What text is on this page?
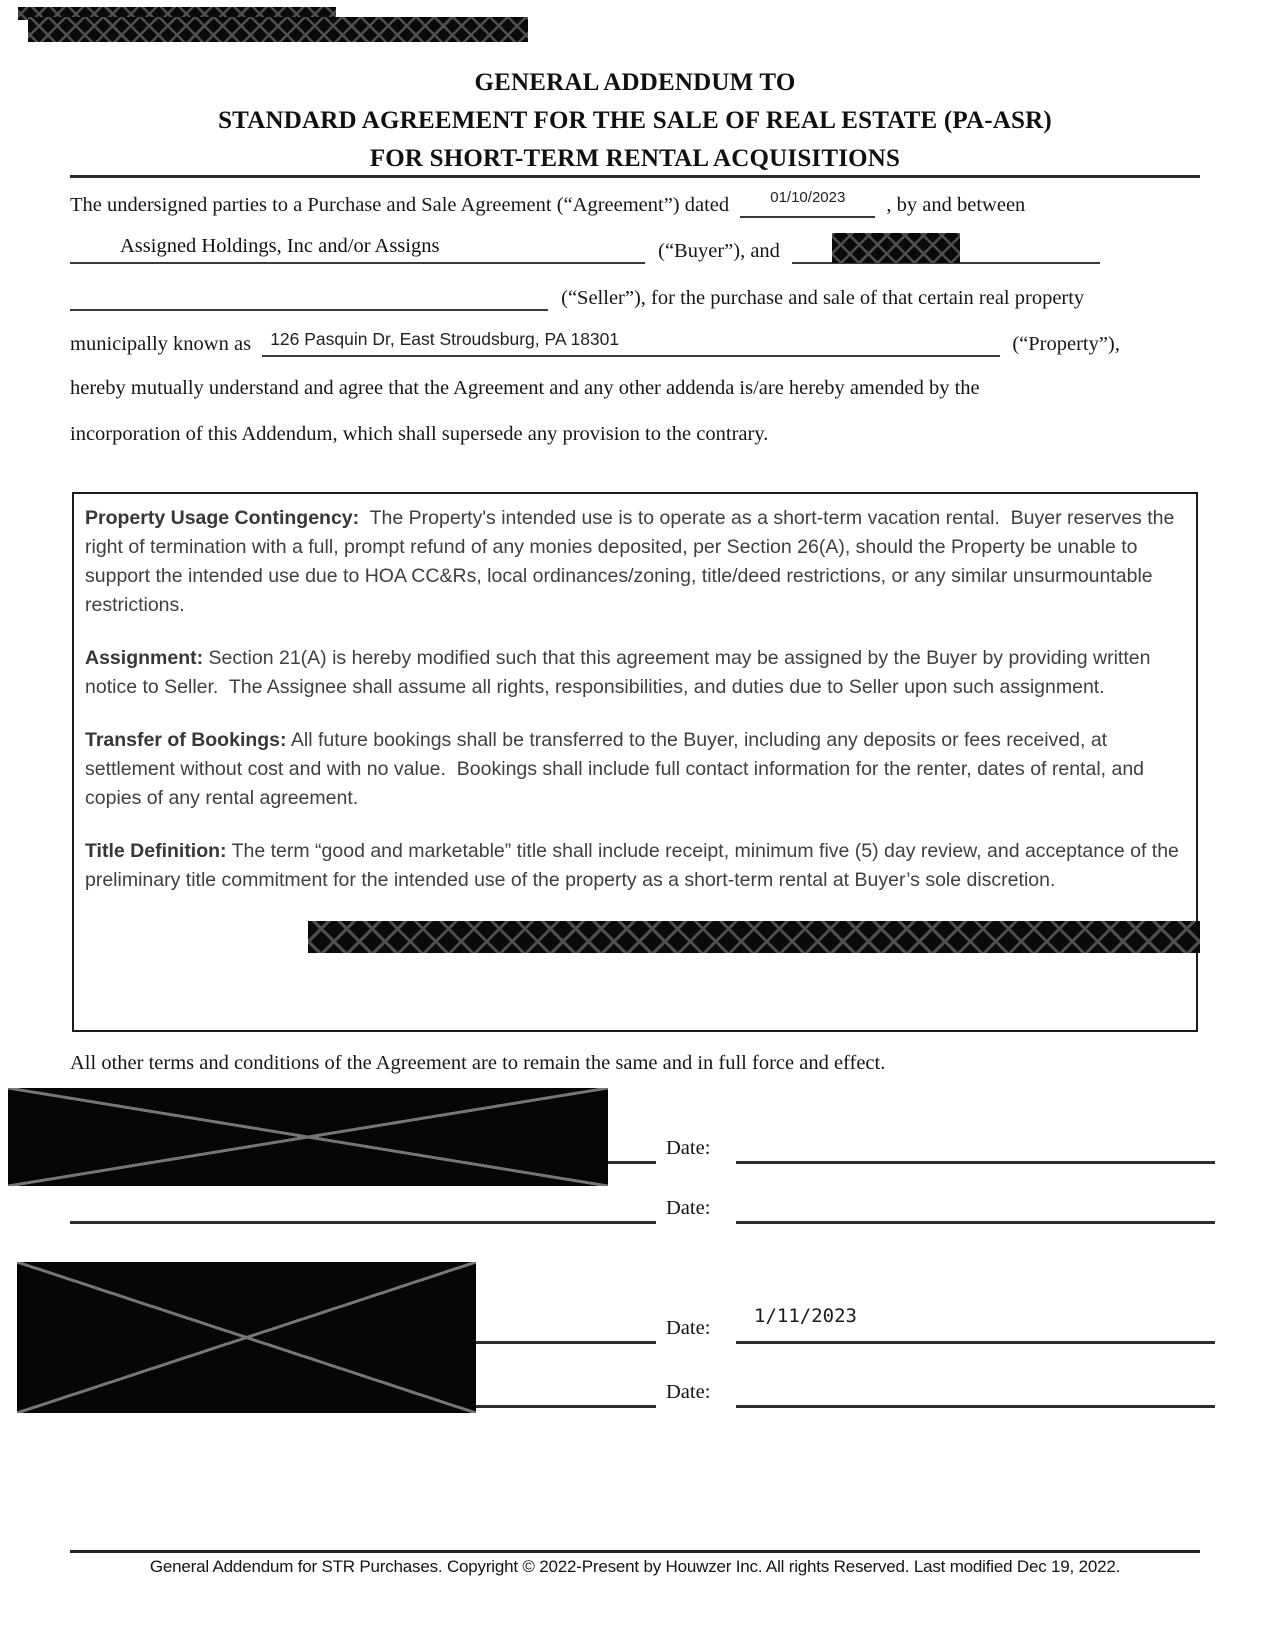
GENERAL ADDENDUM TO
STANDARD AGREEMENT FOR THE SALE OF REAL ESTATE (PA-ASR)
FOR SHORT-TERM RENTAL ACQUISITIONS
The undersigned parties to a Purchase and Sale Agreement (“Agreement”) dated	01/10/2023	, by and between
Assigned Holdings, Inc and/or Assigns	(“Buyer”), and
(“Seller”), for the purchase and sale of that certain real property
municipally known as 126 Pasquin Dr, East Stroudsburg, PA 18301	(“Property”),
hereby mutually understand and agree that the Agreement and any other addenda is/are hereby amended by the
incorporation of this Addendum, which shall supersede any provision to the contrary.

Property Usage Contingency:  The Property's intended use is to operate as a short-term vacation rental.  Buyer reserves the right of termination with a full, prompt refund of any monies deposited, per Section 26(A), should the Property be unable to support the intended use due to HOA CC&Rs, local ordinances/zoning, title/deed restrictions, or any similar unsurmountable restrictions.

Assignment: Section 21(A) is hereby modified such that this agreement may be assigned by the Buyer by providing written notice to Seller.  The Assignee shall assume all rights, responsibilities, and duties due to Seller upon such assignment.

Transfer of Bookings: All future bookings shall be transferred to the Buyer, including any deposits or fees received, at settlement without cost and with no value.  Bookings shall include full contact information for the renter, dates of rental, and copies of any rental agreement.

Title Definition: The term “good and marketable” title shall include receipt, minimum five (5) day review, and acceptance of the preliminary title commitment for the intended use of the property as a short-term rental at Buyer’s sole discretion.

All other terms and conditions of the Agreement are to remain the same and in full force and effect.
Date:
Date:
Date:
1/11/2023
Date:
General Addendum for STR Purchases. Copyright © 2022-Present by Houwzer Inc. All rights Reserved. Last modified Dec 19, 2022.
